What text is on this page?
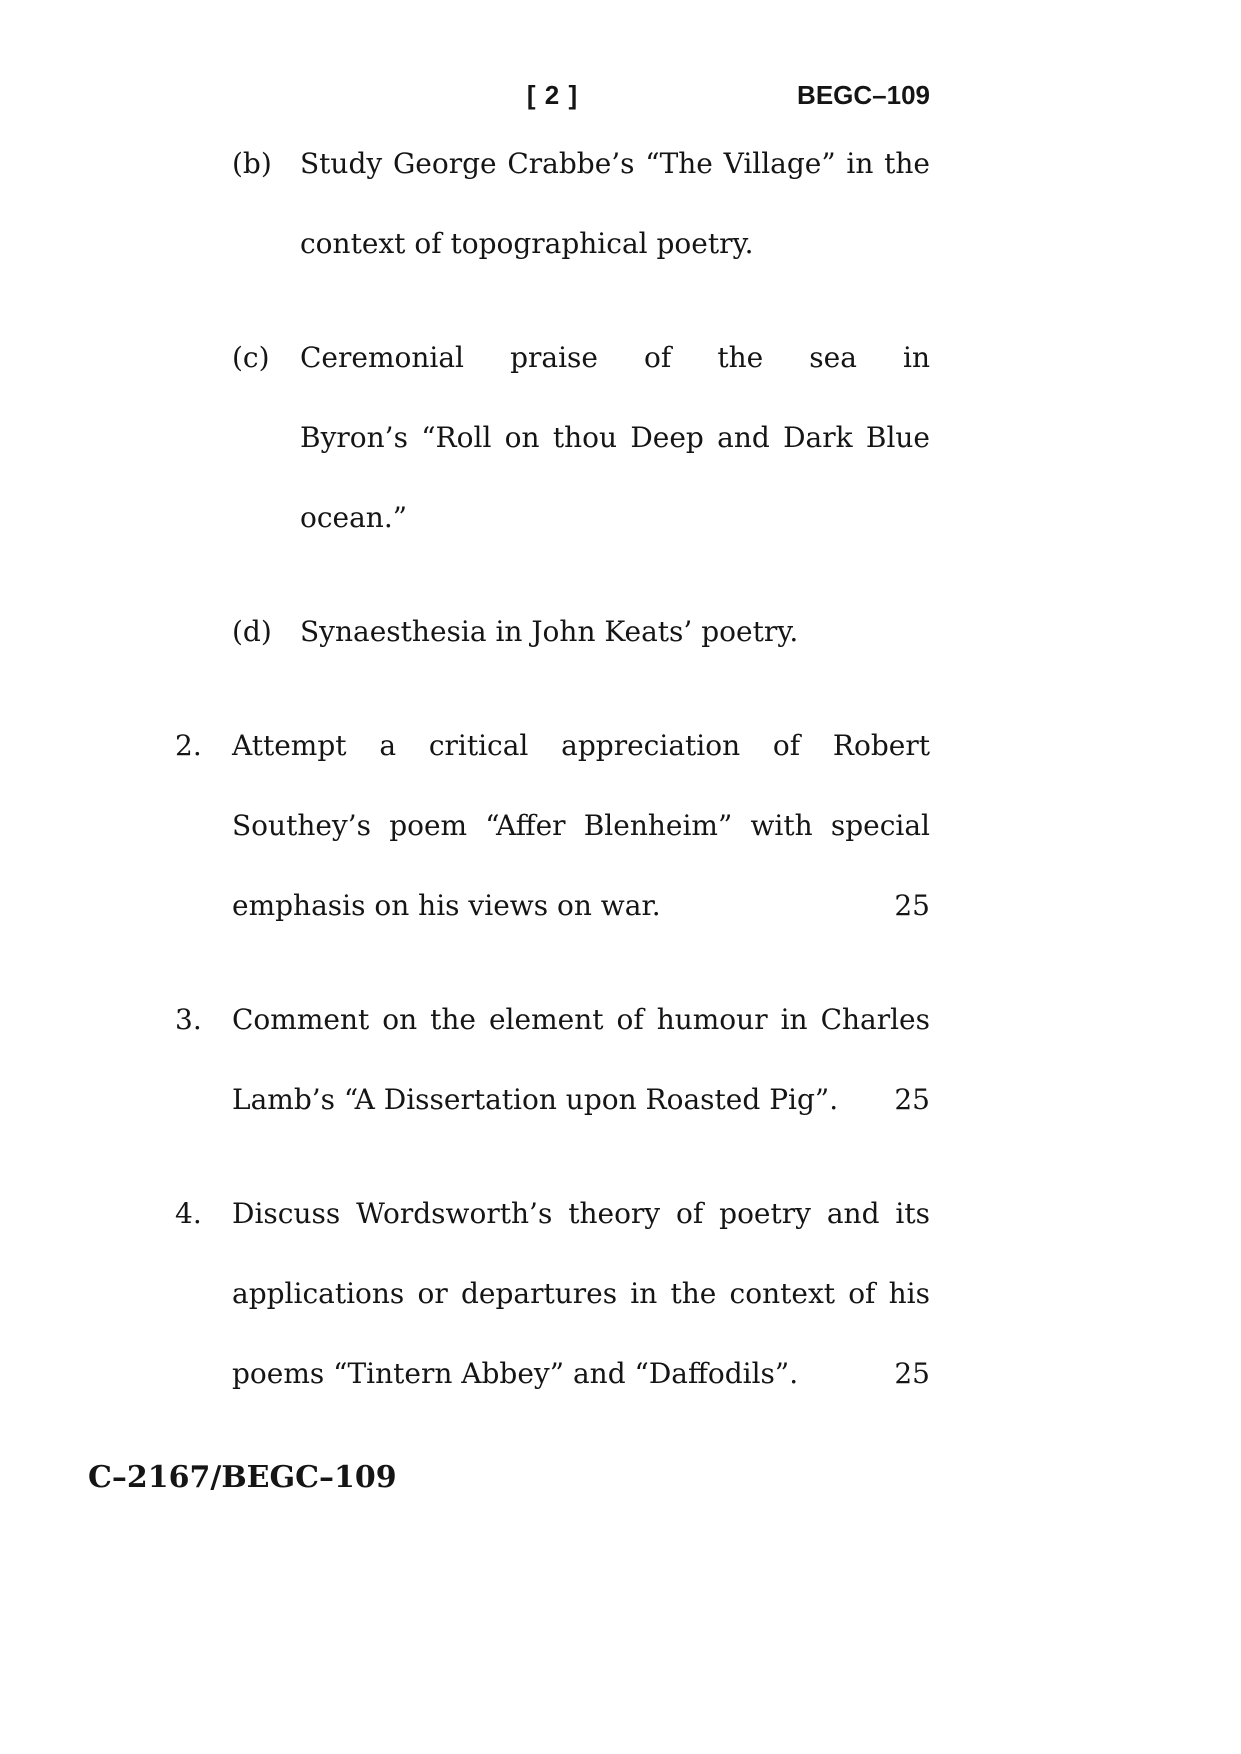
[ 2 ]	BEGC–109
(b)	Study George Crabbe’s “The Village” in the
context of topographical poetry.
(c)	Ceremonial praise of the sea in
Byron’s “Roll on thou Deep and Dark Blue
ocean.”
(d)	Synaesthesia in John Keats’ poetry.
2.	Attempt a critical appreciation of Robert
Southey’s poem “Affer Blenheim” with special
25
emphasis on his views on war.
3.	Comment on the element of humour in Charles
25
Lamb’s “A Dissertation upon Roasted Pig”.
4.	Discuss Wordsworth’s theory of poetry and its
applications or departures in the context of his
25
poems “Tintern Abbey” and “Daffodils”.
C–2167/BEGC–109
